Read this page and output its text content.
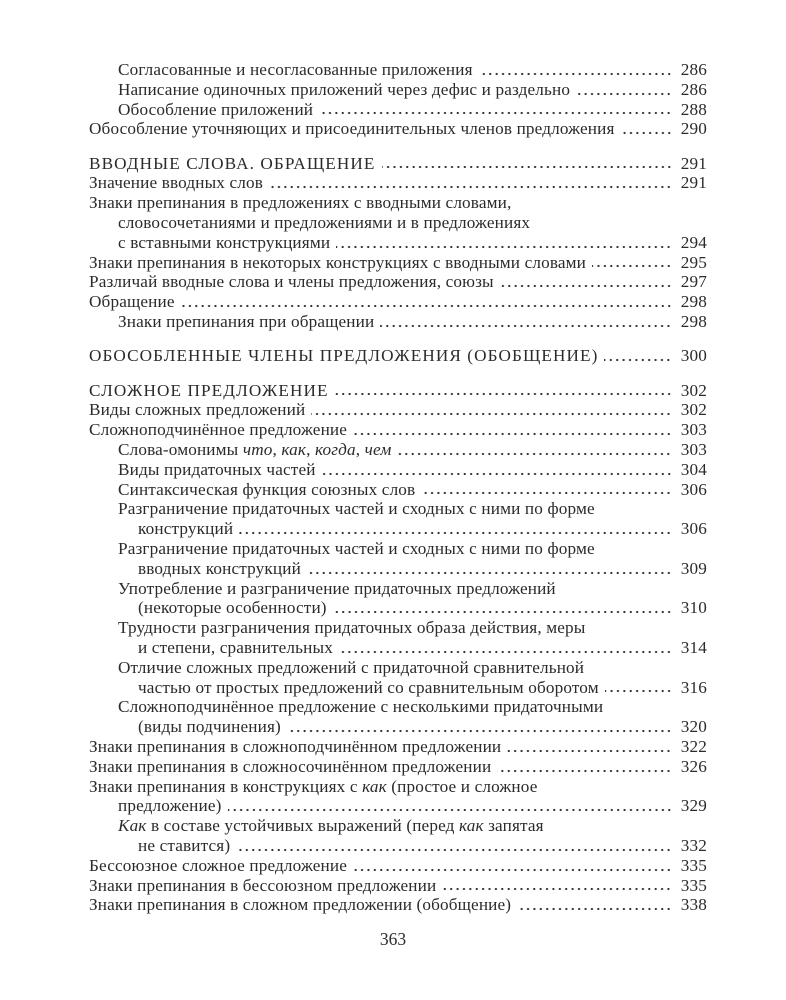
Согласованные и несогласованные приложения	286
Написание одиночных приложений через дефис и раздельно	286
Обособление приложений	288
Обособление уточняющих и присоединительных членов предложения	290
ВВОДНЫЕ СЛОВА. ОБРАЩЕНИЕ	291
Значение вводных слов	291
Знаки препинания в предложениях с вводными словами,
словосочетаниями и предложениями и в предложениях
с вставными конструкциями	294
Знаки препинания в некоторых конструкциях с вводными словами	295
Различай вводные слова и члены предложения, союзы	297
Обращение	298
Знаки препинания при обращении	298
ОБОСОБЛЕННЫЕ ЧЛЕНЫ ПРЕДЛОЖЕНИЯ (ОБОБЩЕНИЕ)	300
СЛОЖНОЕ ПРЕДЛОЖЕНИЕ	302
Виды сложных предложений	302
Сложноподчинённое предложение	303
Слова-омонимы что, как, когда, чем	303
Виды придаточных частей	304
Синтаксическая функция союзных слов	306
Разграничение придаточных частей и сходных с ними по форме
конструкций	306
Разграничение придаточных частей и сходных с ними по форме
вводных конструкций	309
Употребление и разграничение придаточных предложений
(некоторые особенности)	310
Трудности разграничения придаточных образа действия, меры
и степени, сравнительных	314
Отличие сложных предложений с придаточной сравнительной
частью от простых предложений со сравнительным оборотом	316
Сложноподчинённое предложение с несколькими придаточными
(виды подчинения)	320
Знаки препинания в сложноподчинённом предложении	322
Знаки препинания в сложносочинённом предложении	326
Знаки препинания в конструкциях с как (простое и сложное
предложение)	329
Как в составе устойчивых выражений (перед как запятая
не ставится)	332
Бессоюзное сложное предложение	335
Знаки препинания в бессоюзном предложении	335
Знаки препинания в сложном предложении (обобщение)	338
363
